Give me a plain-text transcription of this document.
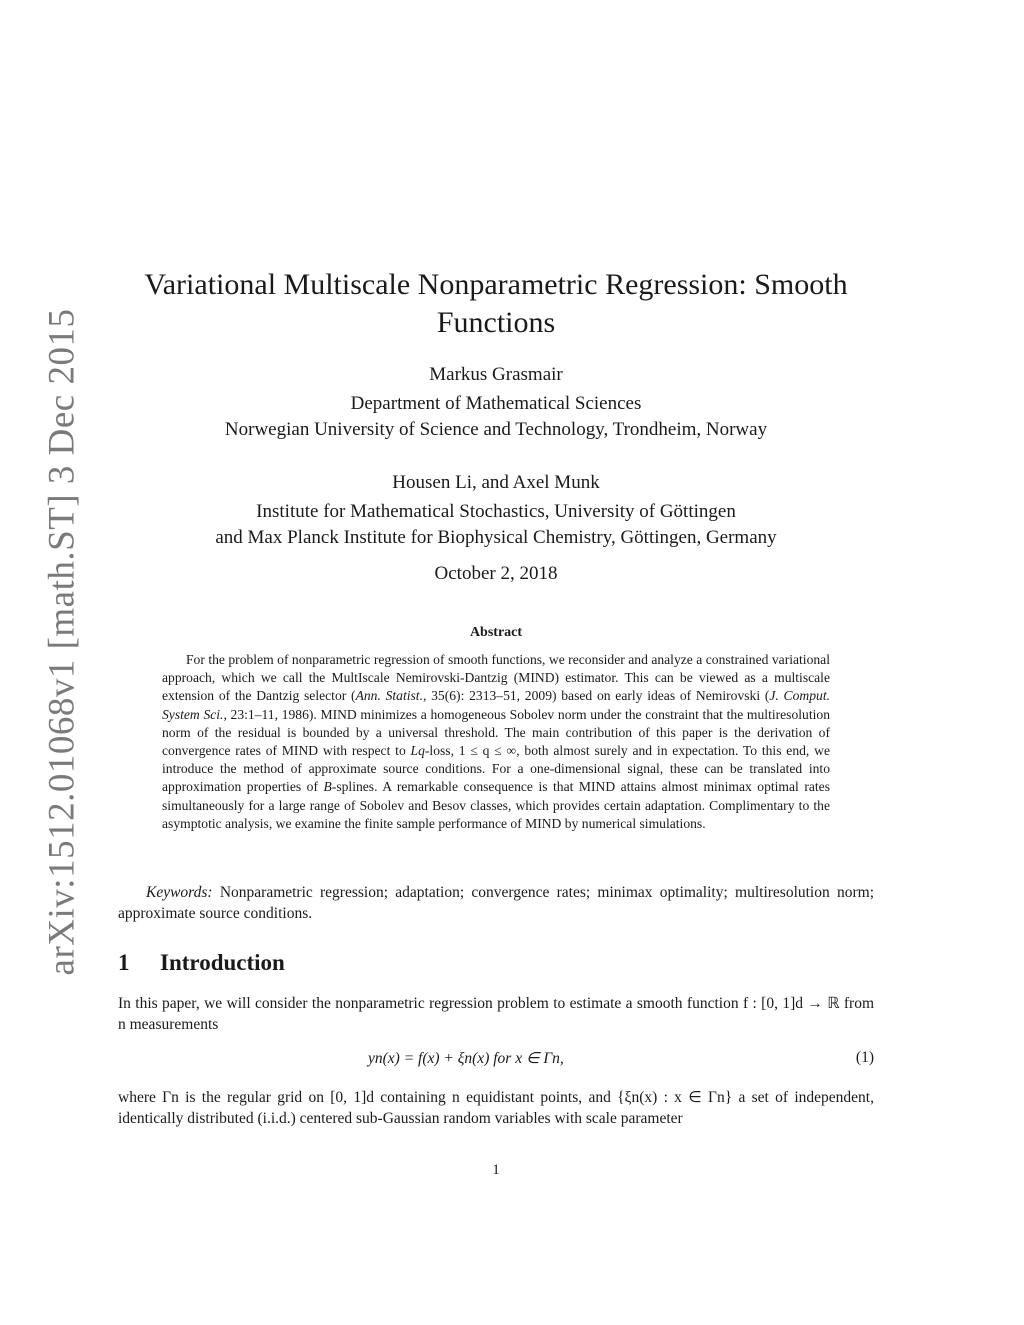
arXiv:1512.01068v1 [math.ST] 3 Dec 2015
Variational Multiscale Nonparametric Regression: Smooth
Functions
Markus Grasmair
Department of Mathematical Sciences
Norwegian University of Science and Technology, Trondheim, Norway
Housen Li, and Axel Munk
Institute for Mathematical Stochastics, University of Göttingen
and Max Planck Institute for Biophysical Chemistry, Göttingen, Germany
October 2, 2018
Abstract
For the problem of nonparametric regression of smooth functions, we reconsider and analyze a constrained variational approach, which we call the MultIscale Nemirovski-Dantzig (MIND) estimator. This can be viewed as a multiscale extension of the Dantzig selector (Ann. Statist., 35(6): 2313–51, 2009) based on early ideas of Nemirovski (J. Comput. System Sci., 23:1–11, 1986). MIND minimizes a homogeneous Sobolev norm under the constraint that the multiresolution norm of the residual is bounded by a universal threshold. The main contribution of this paper is the derivation of convergence rates of MIND with respect to Lq-loss, 1 ≤ q ≤ ∞, both almost surely and in expectation. To this end, we introduce the method of approximate source conditions. For a one-dimensional signal, these can be translated into approximation properties of B-splines. A remarkable consequence is that MIND attains almost minimax optimal rates simultaneously for a large range of Sobolev and Besov classes, which provides certain adaptation. Complimentary to the asymptotic analysis, we examine the finite sample performance of MIND by numerical simulations.
Keywords: Nonparametric regression; adaptation; convergence rates; minimax optimality; multiresolution norm; approximate source conditions.
1 Introduction
In this paper, we will consider the nonparametric regression problem to estimate a smooth function f : [0, 1]d → ℝ from n measurements
yn(x) = f(x) + ξn(x) for x ∈ Γn,	(1)
where Γn is the regular grid on [0, 1]d containing n equidistant points, and {ξn(x) : x ∈ Γn} a set of independent, identically distributed (i.i.d.) centered sub-Gaussian random variables with scale parameter
1
